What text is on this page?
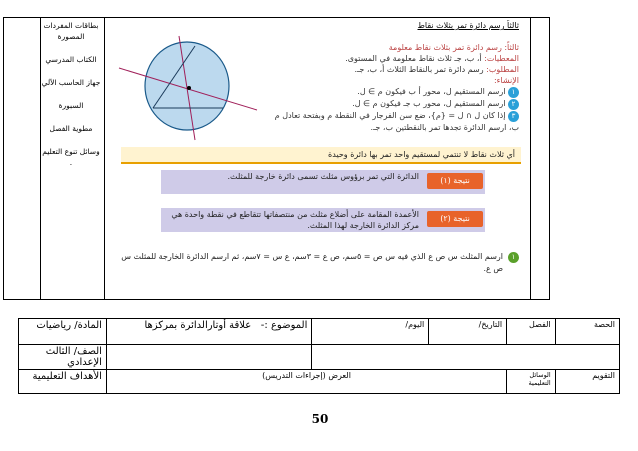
بطاقات المفردات المصورة
الكتاب المدرسي
جهاز الحاسب الآلي
السبورة
مطوية الفصل
وسائل تنوع التعليم
.
ثالثاً رسم دائرة تمر بثلاث نقاط
ثالثاً: رسم دائرة تمر بثلاث نقاط معلومة
المعطيات: أ، ب، جـ ثلاث نقاط معلومة في المستوى.
المطلوب: رسم دائرة تمر بالنقاط الثلاث أ، ب، جـ.
الإنشاء:
١ ارسم المستقيم ل، محور أ ب فيكون م ∋ ل.
٢ ارسم المستقيم ل، محور ب جـ فيكون م ∋ ل.
٣ إذا كان ل ∩ ل = {م}، ضع سن الفرجار في النقطة م وبفتحة تعادل م ب، ارسم الدائرة تجدها تمر بالنقطتين ب، جـ.
أي ثلاث نقاط لا تنتمي لمستقيم واحد تمر بها دائرة وحيدة
نتيجة (١)
الدائرة التي تمر برؤوس مثلث تسمى دائرة خارجة للمثلث.
نتيجة (٢)
الأعمدة المقامة على أضلاع مثلث من منتصفاتها تتقاطع في نقطة واحدة هي مركز الدائرة الخارجة لهذا المثلث.
١
ارسم المثلث س ص ع الذي فيه س ص = ٥سم، ص ع = ٣سم، ع س = ٧سم، ثم ارسم الدائرة الخارجة للمثلث س ص ع.
المادة/ رياضيات	الموضوع :-   علاقة أوتارالدائرة بمركزها	اليوم/	التاريخ/	الفصل	الحصة
الصف/ الثالث الإعدادي					
الأهداف التعليمية	العرض (إجراءات التدريس)			الوسائل التعليمية	التقويم
50
